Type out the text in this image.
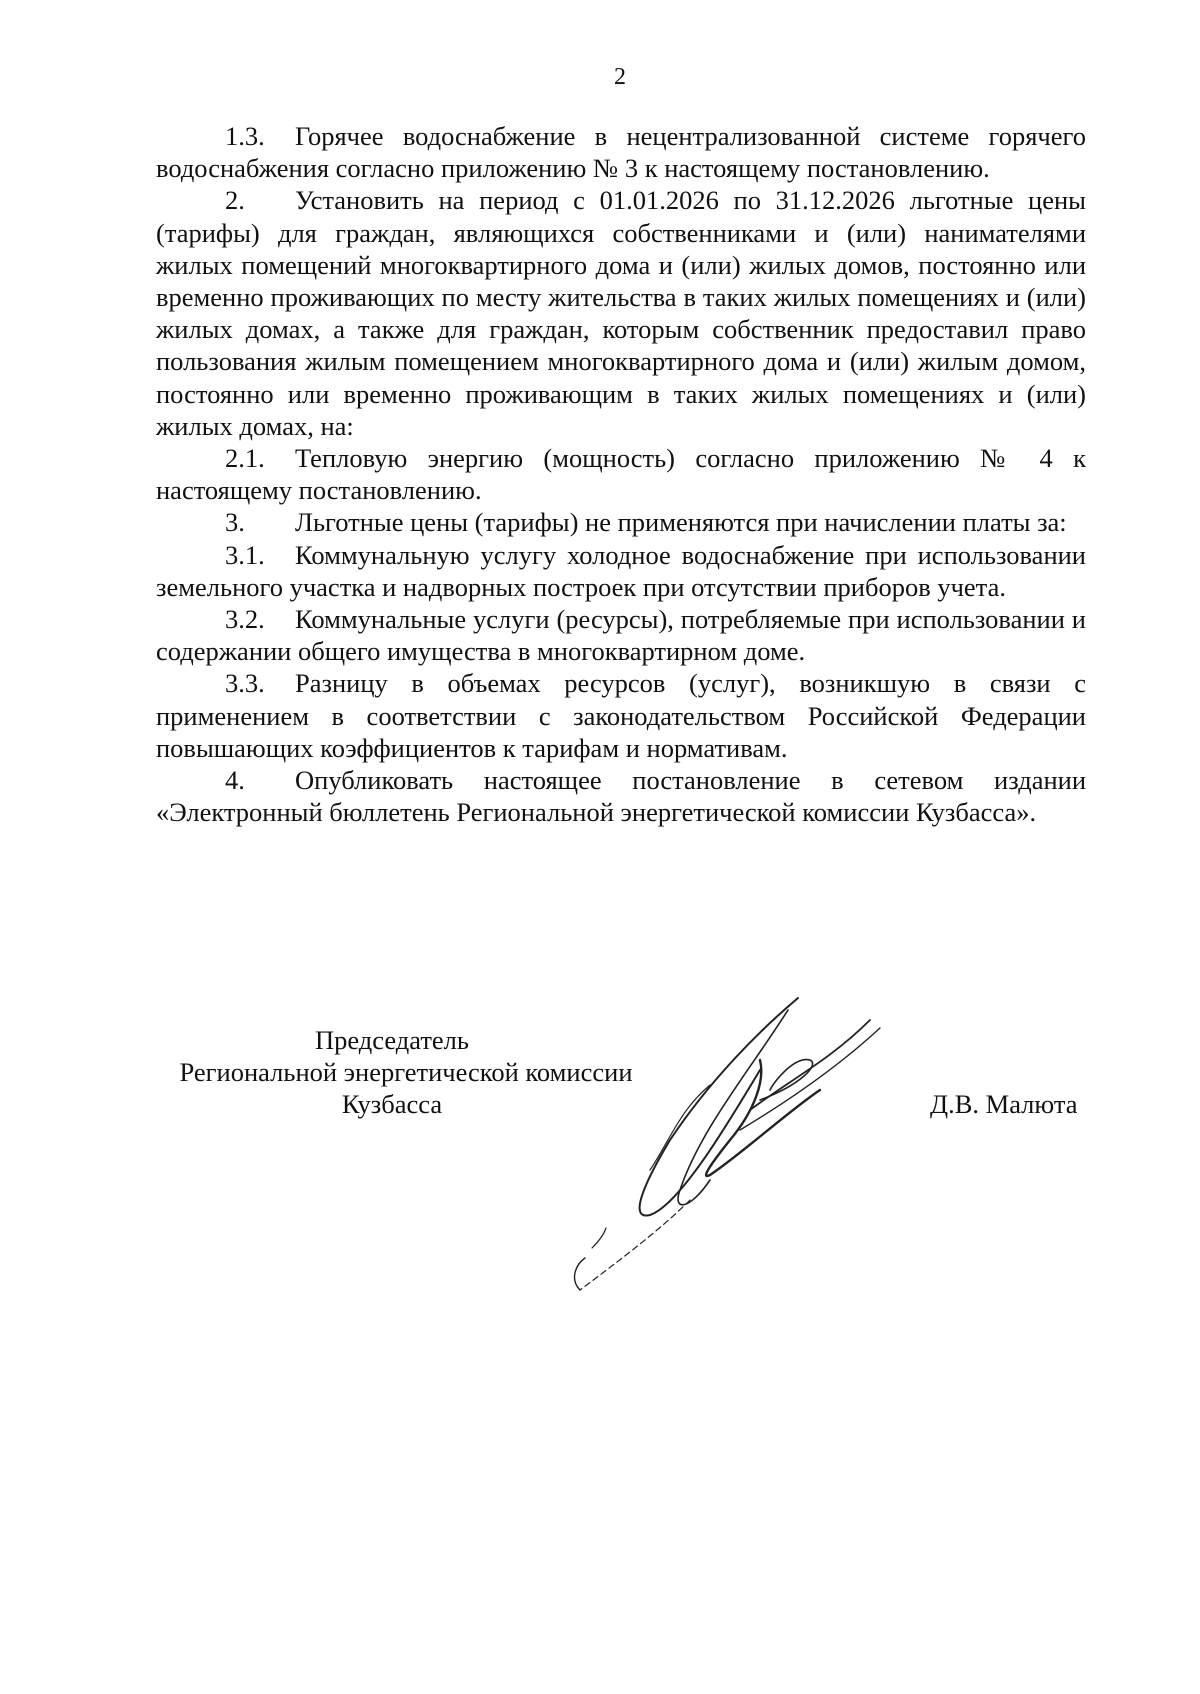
2

1.3. Горячее водоснабжение в нецентрализованной системе горячего водоснабжения согласно приложению № 3 к настоящему постановлению.

2. Установить на период с 01.01.2026 по 31.12.2026 льготные цены (тарифы) для граждан, являющихся собственниками и (или) нанимателями жилых помещений многоквартирного дома и (или) жилых домов, постоянно или временно проживающих по месту жительства в таких жилых помещениях и (или) жилых домах, а также для граждан, которым собственник предоставил право пользования жилым помещением многоквартирного дома и (или) жилым домом, постоянно или временно проживающим в таких жилых помещениях и (или) жилых домах, на:

2.1. Тепловую энергию (мощность) согласно приложению № 4 к настоящему постановлению.

3. Льготные цены (тарифы) не применяются при начислении платы за:

3.1. Коммунальную услугу холодное водоснабжение при использовании земельного участка и надворных построек при отсутствии приборов учета.

3.2. Коммунальные услуги (ресурсы), потребляемые при использовании и содержании общего имущества в многоквартирном доме.

3.3. Разницу в объемах ресурсов (услуг), возникшую в связи с применением в соответствии с законодательством Российской Федерации повышающих коэффициентов к тарифам и нормативам.

4. Опубликовать настоящее постановление в сетевом издании «Электронный бюллетень Региональной энергетической комиссии Кузбасса».

Председатель
Региональной энергетической комиссии
Кузбасса	Д.В. Малюта
